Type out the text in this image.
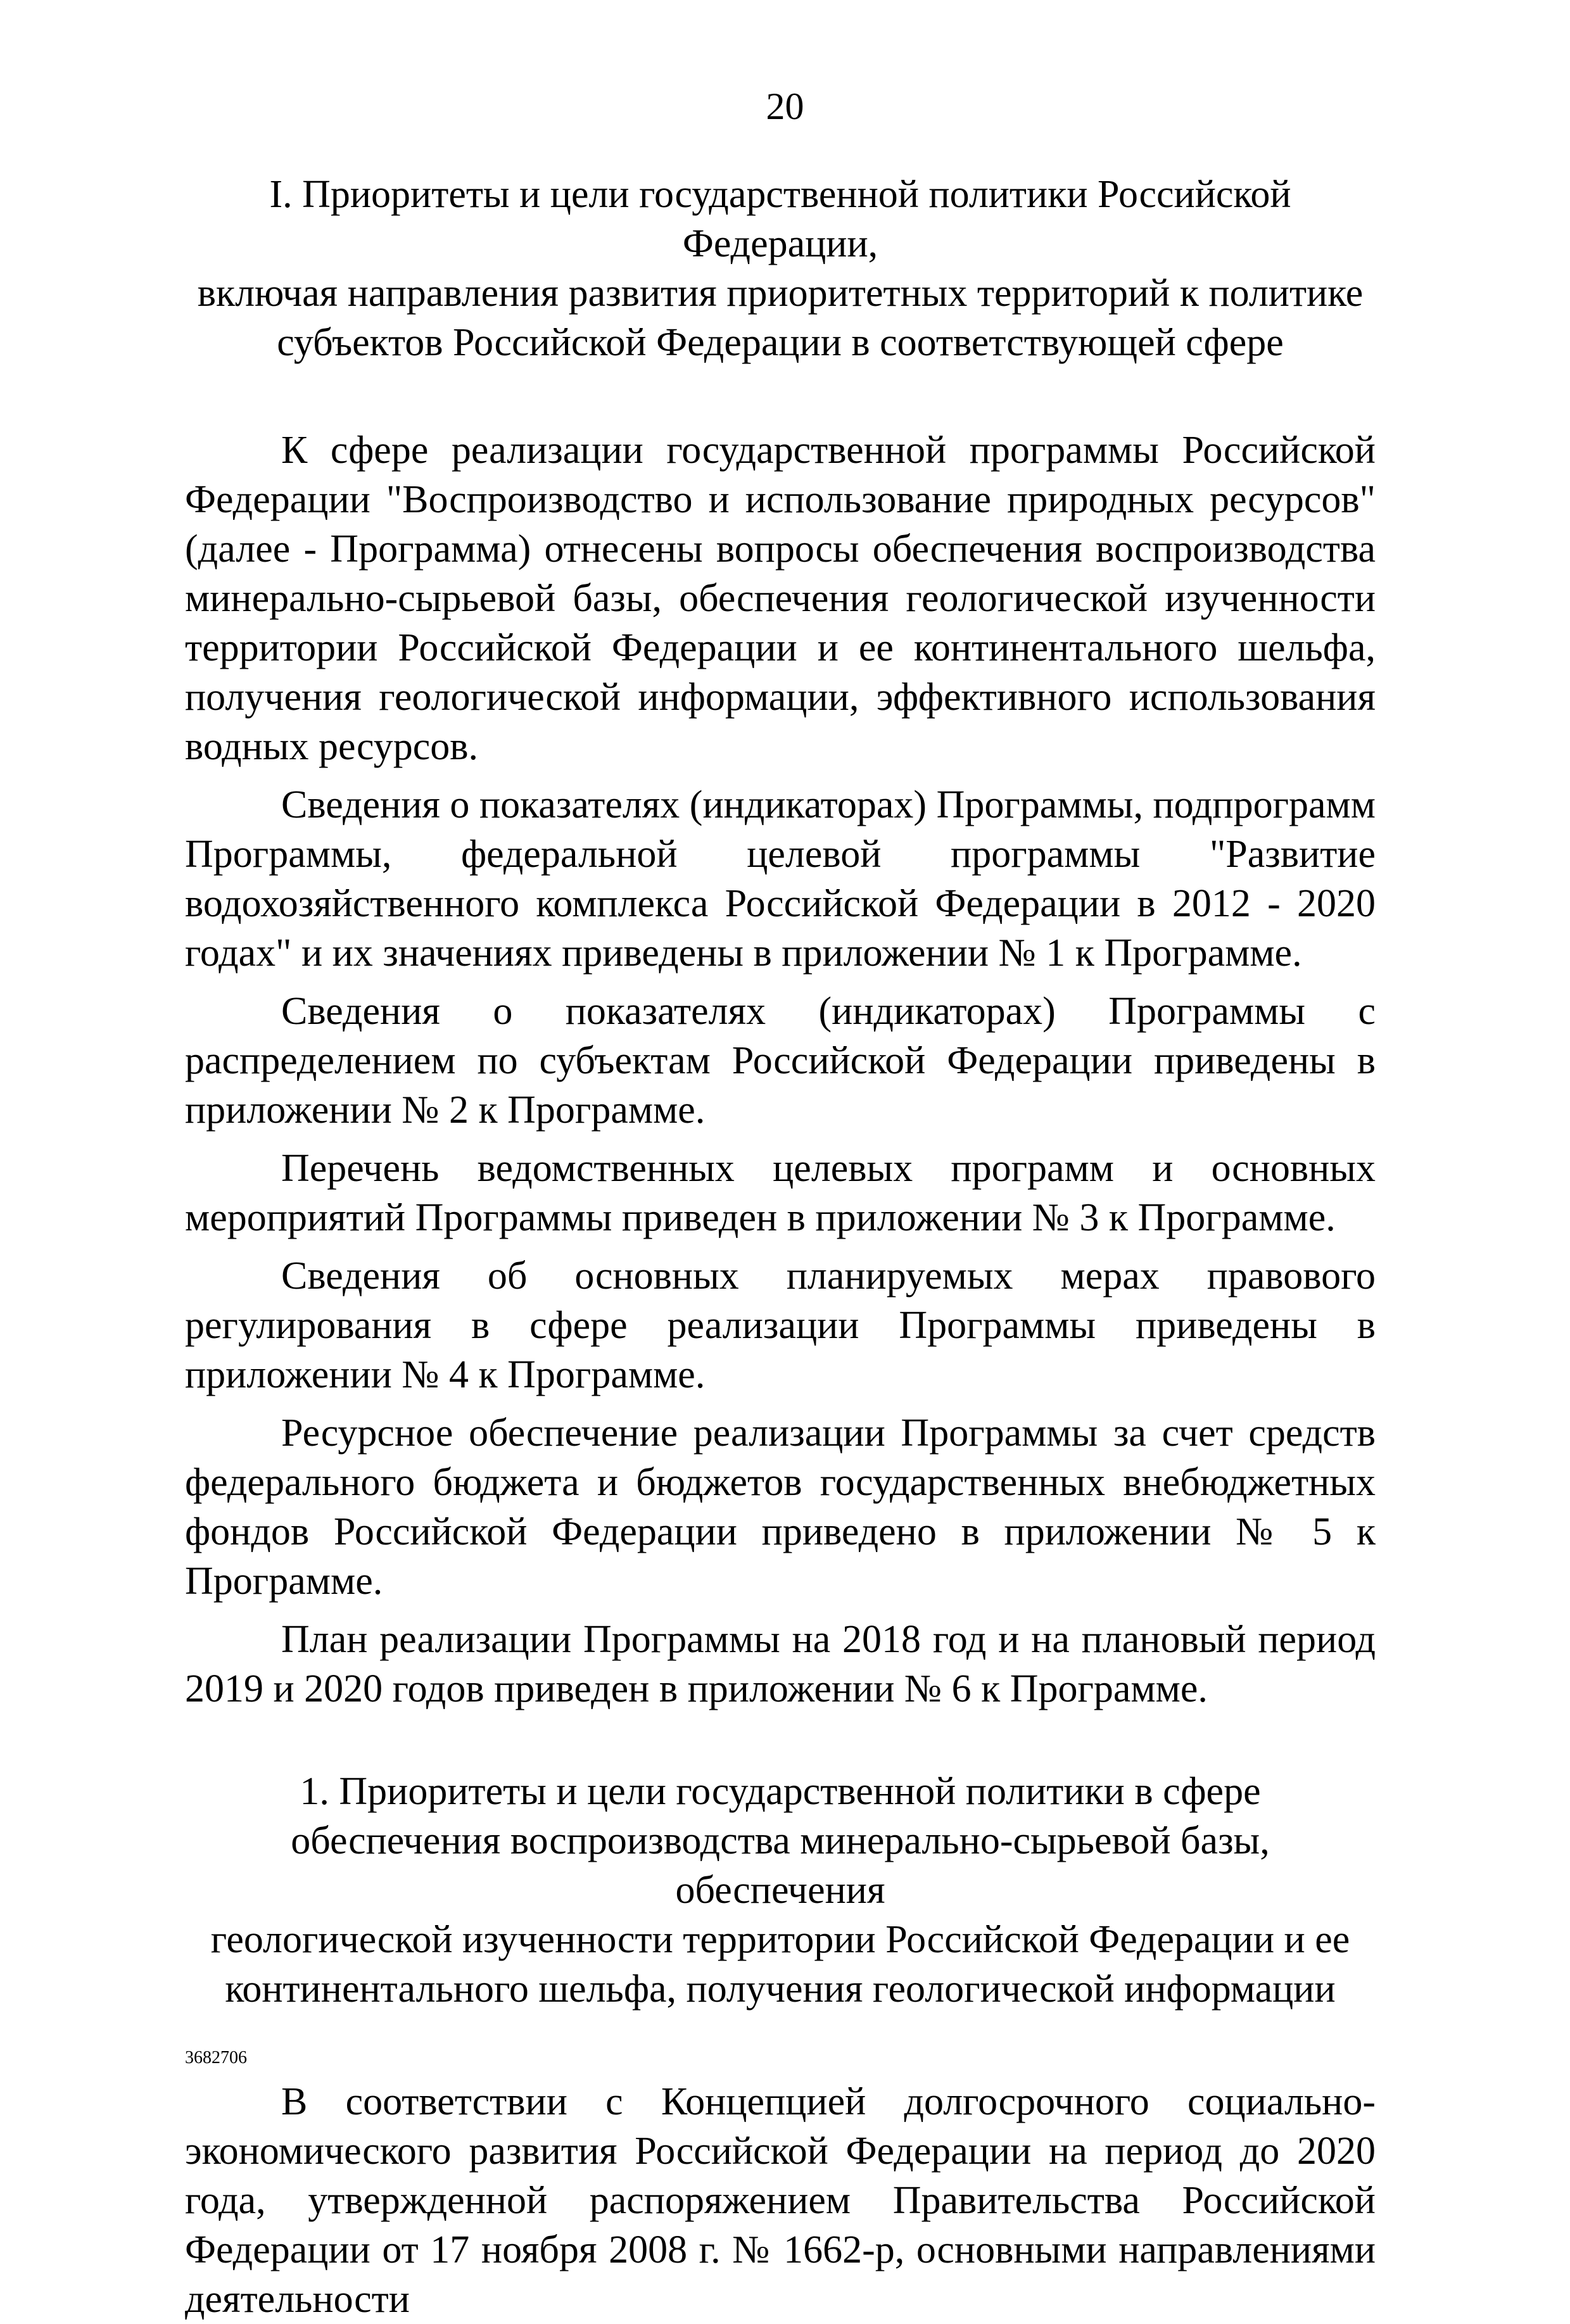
20
I. Приоритеты и цели государственной политики Российской Федерации,
включая направления развития приоритетных территорий к политике
субъектов Российской Федерации в соответствующей сфере

К сфере реализации государственной программы Российской Федерации "Воспроизводство и использование природных ресурсов" (далее - Программа) отнесены вопросы обеспечения воспроизводства минерально-сырьевой базы, обеспечения геологической изученности территории Российской Федерации и ее континентального шельфа, получения геологической информации, эффективного использования водных ресурсов.

Сведения о показателях (индикаторах) Программы, подпрограмм Программы, федеральной целевой программы "Развитие водохозяйственного комплекса Российской Федерации в 2012 - 2020 годах" и их значениях приведены в приложении № 1 к Программе.

Сведения о показателях (индикаторах) Программы с распределением по субъектам Российской Федерации приведены в приложении № 2 к Программе.

Перечень ведомственных целевых программ и основных мероприятий Программы приведен в приложении № 3 к Программе.

Сведения об основных планируемых мерах правового регулирования в сфере реализации Программы приведены в приложении № 4 к Программе.

Ресурсное обеспечение реализации Программы за счет средств федерального бюджета и бюджетов государственных внебюджетных фондов Российской Федерации приведено в приложении № 5 к Программе.

План реализации Программы на 2018 год и на плановый период 2019 и 2020 годов приведен в приложении № 6 к Программе.

1. Приоритеты и цели государственной политики в сфере
обеспечения воспроизводства минерально-сырьевой базы, обеспечения
геологической изученности территории Российской Федерации и ее
континентального шельфа, получения геологической информации

В соответствии с Концепцией долгосрочного социально-экономического развития Российской Федерации на период до 2020 года, утвержденной распоряжением Правительства Российской Федерации от 17 ноября 2008 г. № 1662-р, основными направлениями деятельности

3682706
